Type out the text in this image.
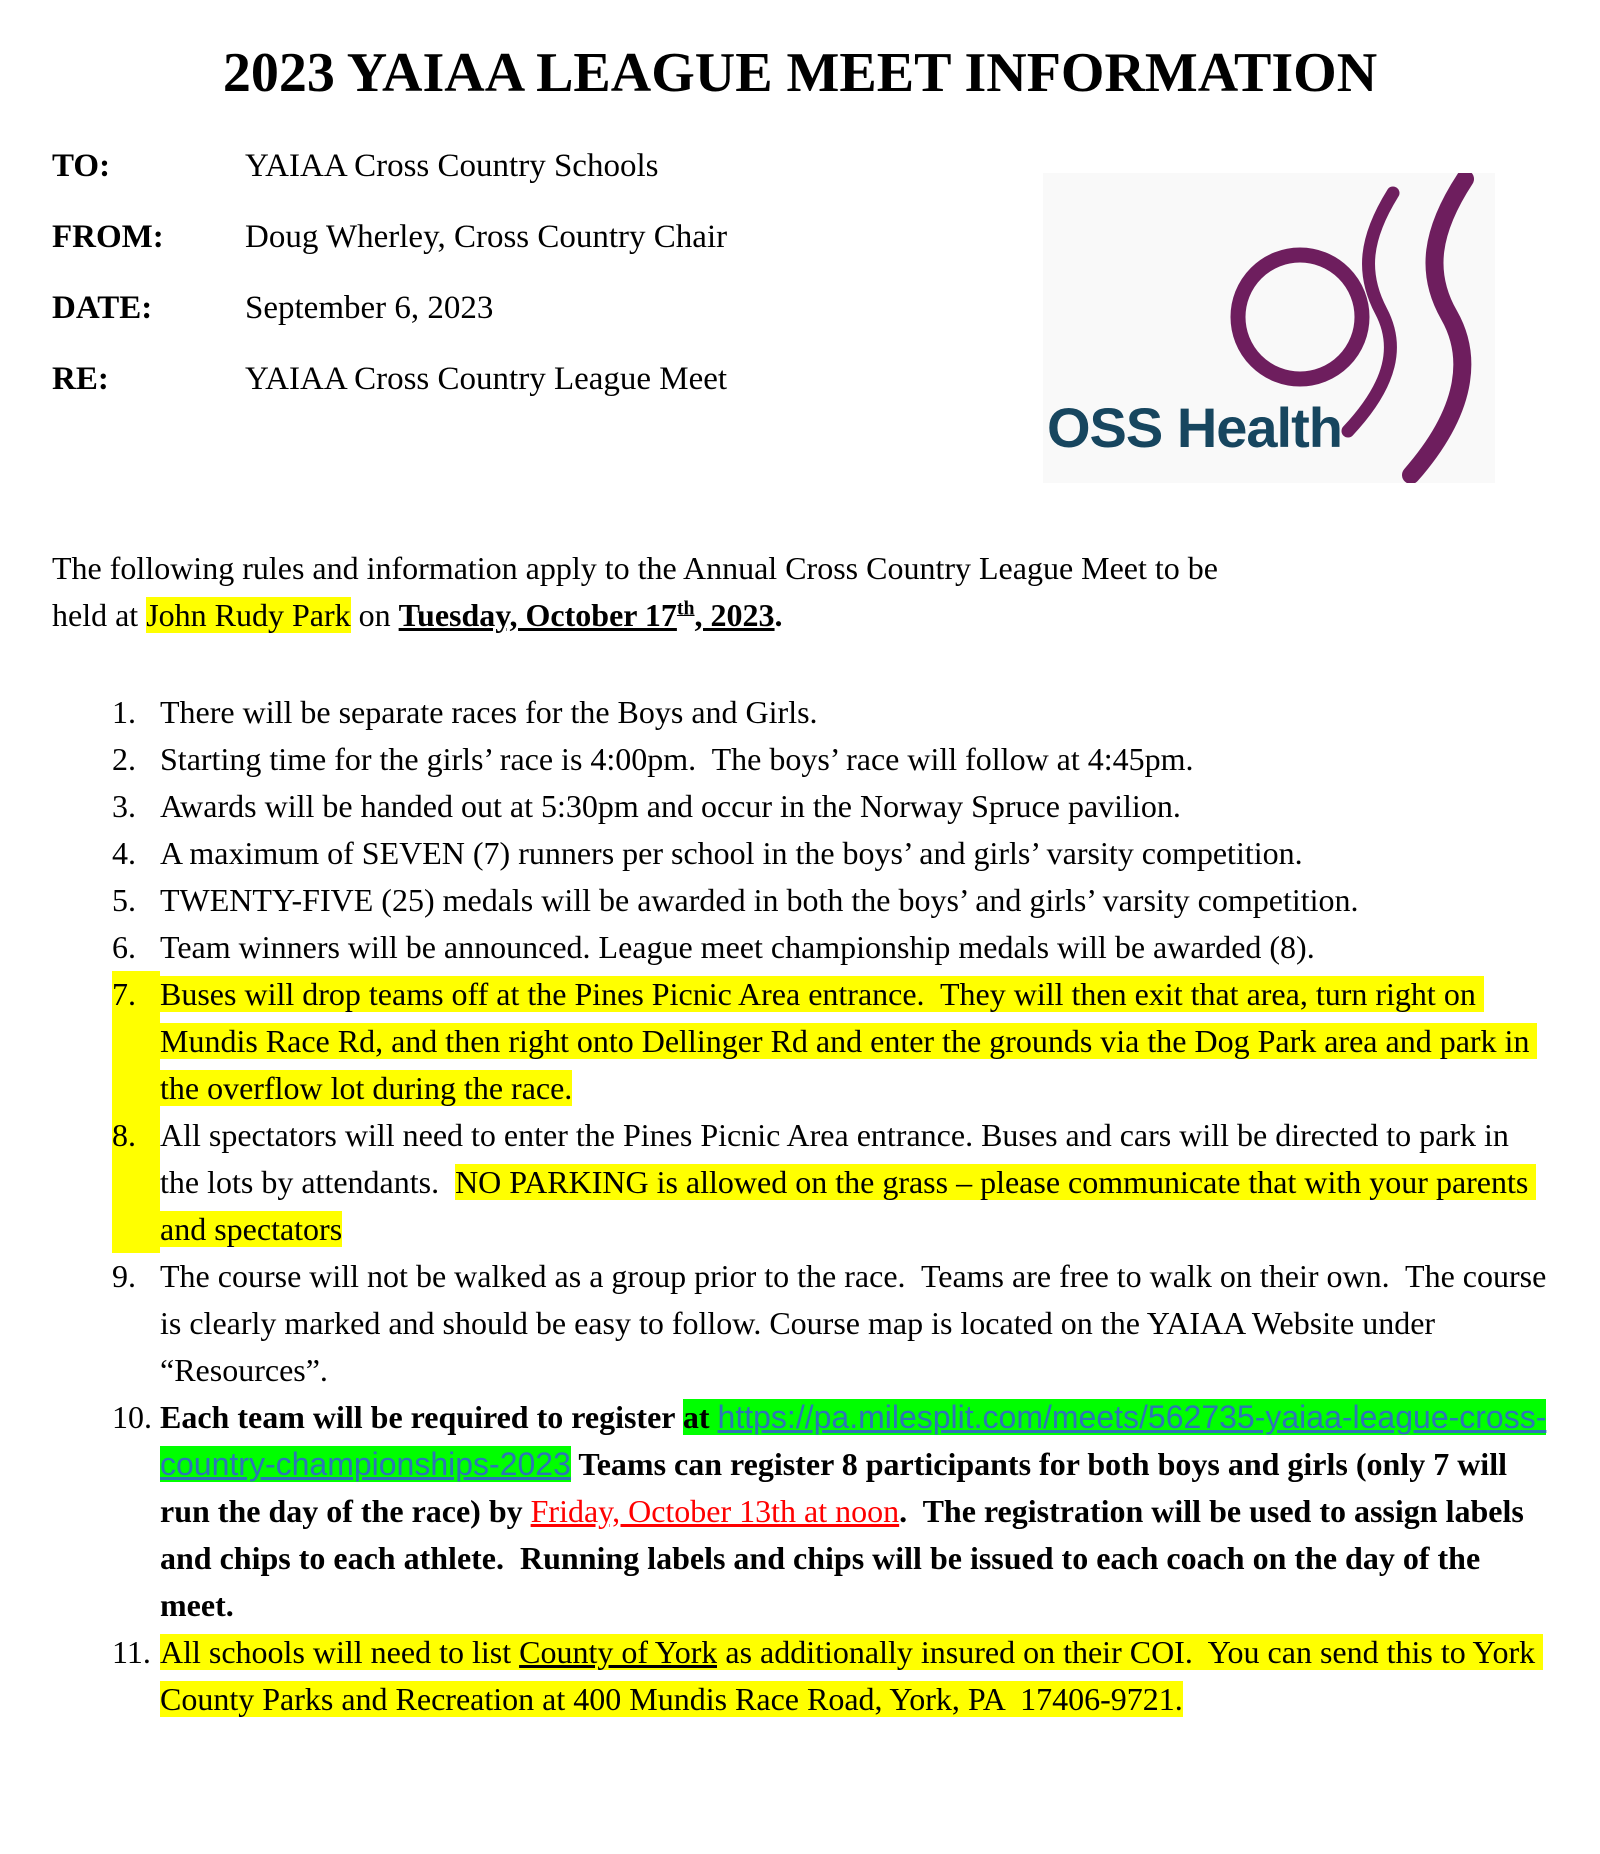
2023 YAIAA LEAGUE MEET INFORMATION
TO:	YAIAA Cross Country Schools
FROM:	Doug Wherley, Cross Country Chair
DATE:	September 6, 2023
RE:	YAIAA Cross Country League Meet
OSS Health

The following rules and information apply to the Annual Cross Country League Meet to be
held at John Rudy Park on Tuesday, October 17th, 2023.

1. There will be separate races for the Boys and Girls.
2. Starting time for the girls’ race is 4:00pm.  The boys’ race will follow at 4:45pm.
3. Awards will be handed out at 5:30pm and occur in the Norway Spruce pavilion.
4. A maximum of SEVEN (7) runners per school in the boys’ and girls’ varsity competition.
5. TWENTY-FIVE (25) medals will be awarded in both the boys’ and girls’ varsity competition.
6. Team winners will be announced. League meet championship medals will be awarded (8).
7. Buses will drop teams off at the Pines Picnic Area entrance.  They will then exit that area, turn right on Mundis Race Rd, and then right onto Dellinger Rd and enter the grounds via the Dog Park area and park in the overflow lot during the race.
8. All spectators will need to enter the Pines Picnic Area entrance. Buses and cars will be directed to park in the lots by attendants.  NO PARKING is allowed on the grass – please communicate that with your parents and spectators
9. The course will not be walked as a group prior to the race.  Teams are free to walk on their own.  The course is clearly marked and should be easy to follow. Course map is located on the YAIAA Website under “Resources”.
10. Each team will be required to register at https://pa.milesplit.com/meets/562735-yaiaa-league-cross-country-championships-2023 Teams can register 8 participants for both boys and girls (only 7 will run the day of the race) by Friday, October 13th at noon.  The registration will be used to assign labels and chips to each athlete.  Running labels and chips will be issued to each coach on the day of the meet.
11. All schools will need to list County of York as additionally insured on their COI.  You can send this to York County Parks and Recreation at 400 Mundis Race Road, York, PA  17406-9721.
